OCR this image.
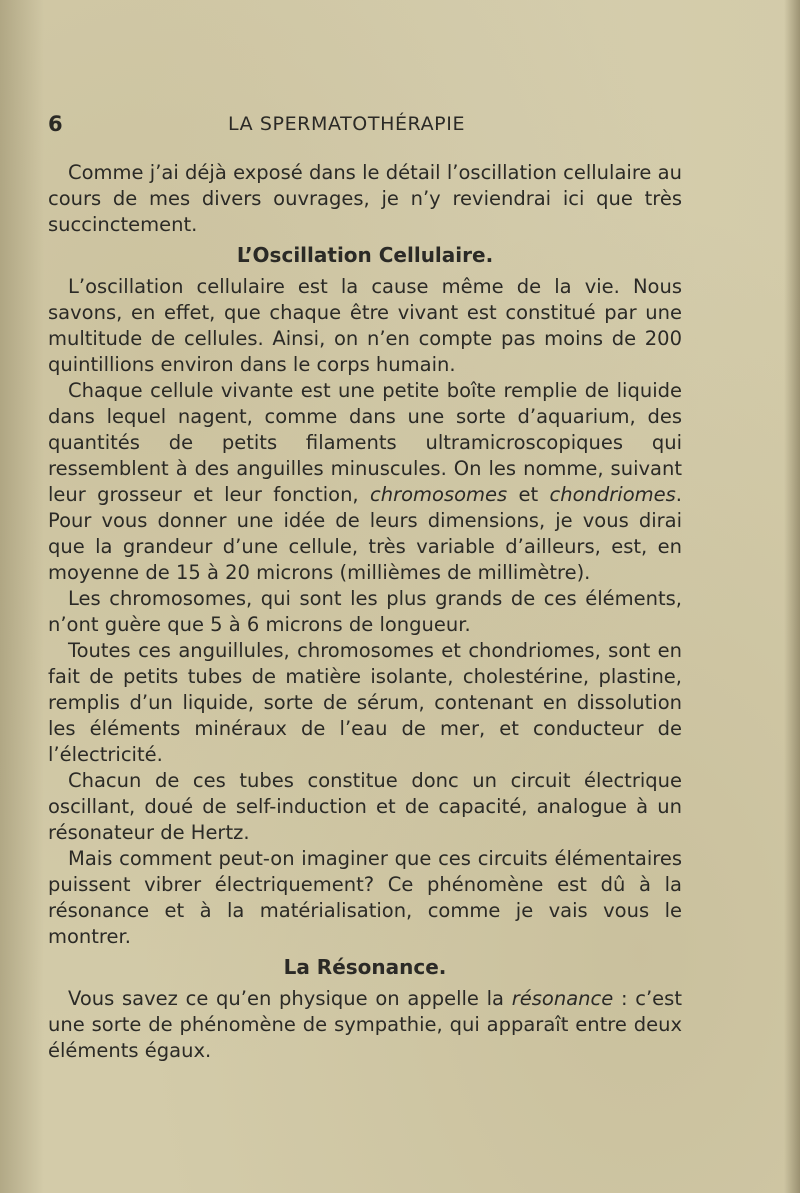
6	LA SPERMATOTHÉRAPIE

Comme j’ai déjà exposé dans le détail l’oscillation cellulaire au cours de mes divers ouvrages, je n’y reviendrai ici que très succinctement.

L’Oscillation Cellulaire.

L’oscillation cellulaire est la cause même de la vie. Nous savons, en effet, que chaque être vivant est constitué par une multitude de cellules. Ainsi, on n’en compte pas moins de 200 quintillions environ dans le corps humain.

Chaque cellule vivante est une petite boîte remplie de liquide dans lequel nagent, comme dans une sorte d’aquarium, des quantités de petits filaments ultramicroscopiques qui ressemblent à des anguilles minuscules. On les nomme, suivant leur grosseur et leur fonction, chromosomes et chondriomes. Pour vous donner une idée de leurs dimensions, je vous dirai que la grandeur d’une cellule, très variable d’ailleurs, est, en moyenne de 15 à 20 microns (millièmes de millimètre).

Les chromosomes, qui sont les plus grands de ces éléments, n’ont guère que 5 à 6 microns de longueur.

Toutes ces anguillules, chromosomes et chondriomes, sont en fait de petits tubes de matière isolante, cholestérine, plastine, remplis d’un liquide, sorte de sérum, contenant en dissolution les éléments minéraux de l’eau de mer, et conducteur de l’électricité.

Chacun de ces tubes constitue donc un circuit électrique oscillant, doué de self-induction et de capacité, analogue à un résonateur de Hertz.

Mais comment peut-on imaginer que ces circuits élémentaires puissent vibrer électriquement? Ce phénomène est dû à la résonance et à la matérialisation, comme je vais vous le montrer.

La Résonance.

Vous savez ce qu’en physique on appelle la résonance : c’est une sorte de phénomène de sympathie, qui apparaît entre deux éléments égaux.
